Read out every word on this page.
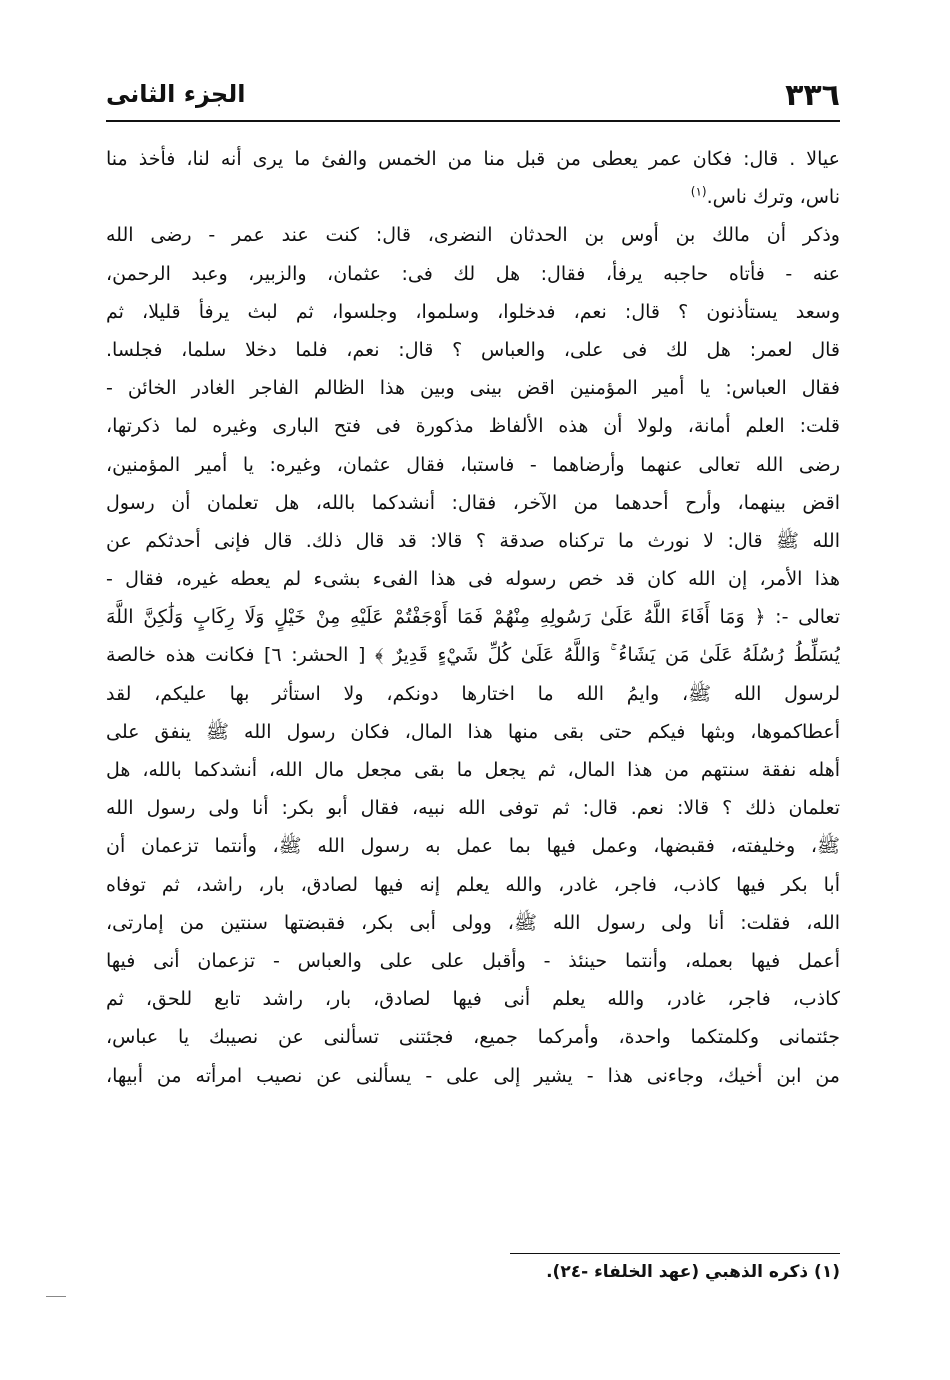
٣٣٦
الجزء الثانى
عيالا . قال: فكان عمر يعطى من قبل منا من الخمس والفئ ما يرى أنه لنا، فأخذ منا
ناس، وترك ناس.$^{(١)}$
وذكر أن مالك بن أوس بن الحدثان النضرى، قال: كنت عند عمر - رضى الله
عنه - فأتاه حاجبه يرفأ، فقال: هل لك فى: عثمان، والزبير، وعبد الرحمن،
وسعد يستأذنون ؟ قال: نعم، فدخلوا، وسلموا، وجلسوا، ثم لبث يرفأ قليلا، ثم
قال لعمر: هل لك فى على، والعباس ؟ قال: نعم، فلما دخلا سلما، فجلسا.
فقال العباس: يا أمير المؤمنين اقض بينى وبين هذا الظالم الفاجر الغادر الخائن -
قلت: العلم أمانة، ولولا أن هذه الألفاظ مذكورة فى فتح البارى وغيره لما ذكرتها،
رضى الله تعالى عنهما وأرضاهما - فاستبا، فقال عثمان، وغيره: يا أمير المؤمنين،
اقض بينهما، وأرح أحدهما من الآخر، فقال: أنشدكما بالله، هل تعلمان أن رسول
الله ﷺ قال: لا نورث ما تركناه صدقة ؟ قالا: قد قال ذلك. قال فإنى أحدثكم عن
هذا الأمر، إن الله كان قد خص رسوله فى هذا الفىء بشىء لم يعطه غيره، فقال -
تعالى -: ﴿ وَمَا أَفَاءَ اللَّهُ عَلَىٰ رَسُولِهِ مِنْهُمْ فَمَا أَوْجَفْتُمْ عَلَيْهِ مِنْ خَيْلٍ وَلَا رِكَابٍ وَلَٰكِنَّ اللَّهَ
يُسَلِّطُ رُسُلَهُ عَلَىٰ مَن يَشَاءُ ۚ وَاللَّهُ عَلَىٰ كُلِّ شَيْءٍ قَدِيرٌ ﴾ [ الحشر: ٦] فكانت هذه خالصة
لرسول الله ﷺ، وايمُ الله ما اختارها دونكم، ولا استأثر بها عليكم، لقد
أعطاكموها، وبثها فيكم حتى بقى منها هذا المال، فكان رسول الله ﷺ ينفق على
أهله نفقة سنتهم من هذا المال، ثم يجعل ما بقى مجعل مال الله، أنشدكما بالله، هل
تعلمان ذلك ؟ قالا: نعم. قال: ثم توفى الله نبيه، فقال أبو بكر: أنا ولى رسول الله
ﷺ، وخليفته، فقبضها، وعمل فيها بما عمل به رسول الله ﷺ، وأنتما تزعمان أن
أبا بكر فيها كاذب، فاجر، غادر، والله يعلم إنه فيها لصادق، بار، راشد، ثم توفاه
الله، فقلت: أنا ولى رسول الله ﷺ، وولى أبى بكر، فقبضتها سنتين من إمارتى،
أعمل فيها بعمله، وأنتما حينئذ - وأقبل على على والعباس - تزعمان أنى فيها
كاذب، فاجر، غادر، والله يعلم أنى فيها لصادق، بار، راشد تابع للحق، ثم
جئتمانى وكلمتكما واحدة، وأمركما جميع، فجئتنى تسألنى عن نصيبك يا عباس،
من ابن أخيك، وجاءنى هذا - يشير إلى على - يسألنى عن نصيب امرأته من أبيها،
(١) ذكره الذهبي (عهد الخلفاء -٢٤).
